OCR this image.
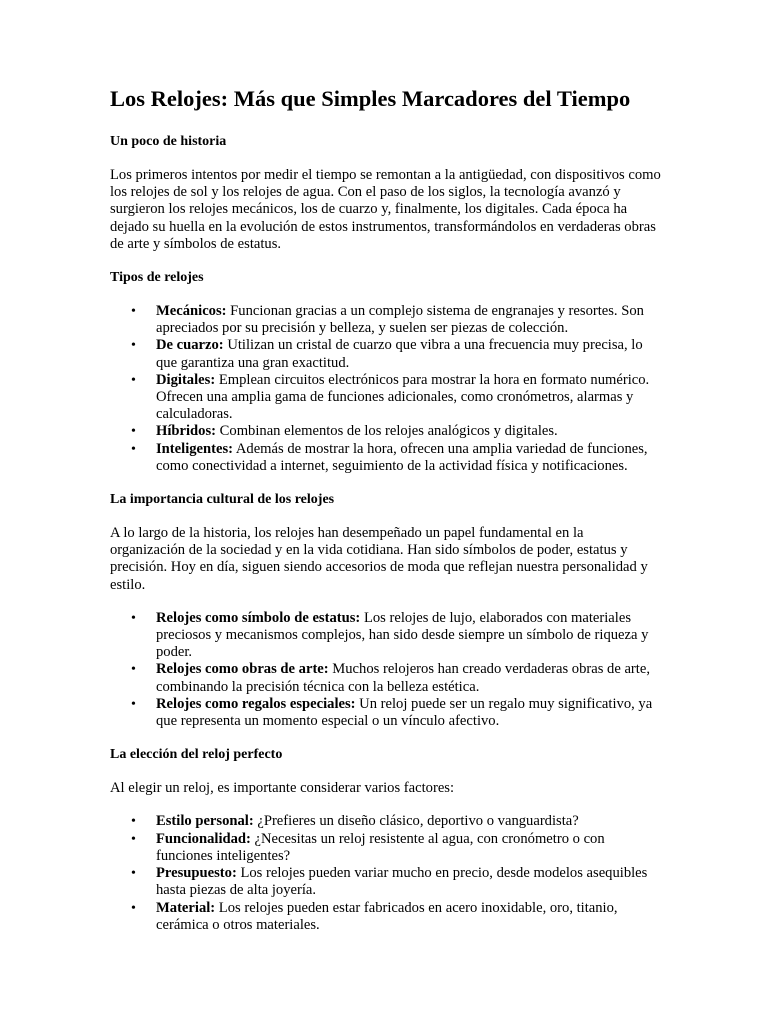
Los Relojes: Más que Simples Marcadores del Tiempo
Un poco de historia

Los primeros intentos por medir el tiempo se remontan a la antigüedad, con dispositivos como los relojes de sol y los relojes de agua. Con el paso de los siglos, la tecnología avanzó y surgieron los relojes mecánicos, los de cuarzo y, finalmente, los digitales. Cada época ha dejado su huella en la evolución de estos instrumentos, transformándolos en verdaderas obras de arte y símbolos de estatus.

Tipos de relojes
• Mecánicos: Funcionan gracias a un complejo sistema de engranajes y resortes. Son apreciados por su precisión y belleza, y suelen ser piezas de colección.
• De cuarzo: Utilizan un cristal de cuarzo que vibra a una frecuencia muy precisa, lo que garantiza una gran exactitud.
• Digitales: Emplean circuitos electrónicos para mostrar la hora en formato numérico. Ofrecen una amplia gama de funciones adicionales, como cronómetros, alarmas y calculadoras.
• Híbridos: Combinan elementos de los relojes analógicos y digitales.
• Inteligentes: Además de mostrar la hora, ofrecen una amplia variedad de funciones, como conectividad a internet, seguimiento de la actividad física y notificaciones.
La importancia cultural de los relojes

A lo largo de la historia, los relojes han desempeñado un papel fundamental en la organización de la sociedad y en la vida cotidiana. Han sido símbolos de poder, estatus y precisión. Hoy en día, siguen siendo accesorios de moda que reflejan nuestra personalidad y estilo.

• Relojes como símbolo de estatus: Los relojes de lujo, elaborados con materiales preciosos y mecanismos complejos, han sido desde siempre un símbolo de riqueza y poder.
• Relojes como obras de arte: Muchos relojeros han creado verdaderas obras de arte, combinando la precisión técnica con la belleza estética.
• Relojes como regalos especiales: Un reloj puede ser un regalo muy significativo, ya que representa un momento especial o un vínculo afectivo.
La elección del reloj perfecto

Al elegir un reloj, es importante considerar varios factores:

• Estilo personal: ¿Prefieres un diseño clásico, deportivo o vanguardista?
• Funcionalidad: ¿Necesitas un reloj resistente al agua, con cronómetro o con funciones inteligentes?
• Presupuesto: Los relojes pueden variar mucho en precio, desde modelos asequibles hasta piezas de alta joyería.
• Material: Los relojes pueden estar fabricados en acero inoxidable, oro, titanio, cerámica o otros materiales.
